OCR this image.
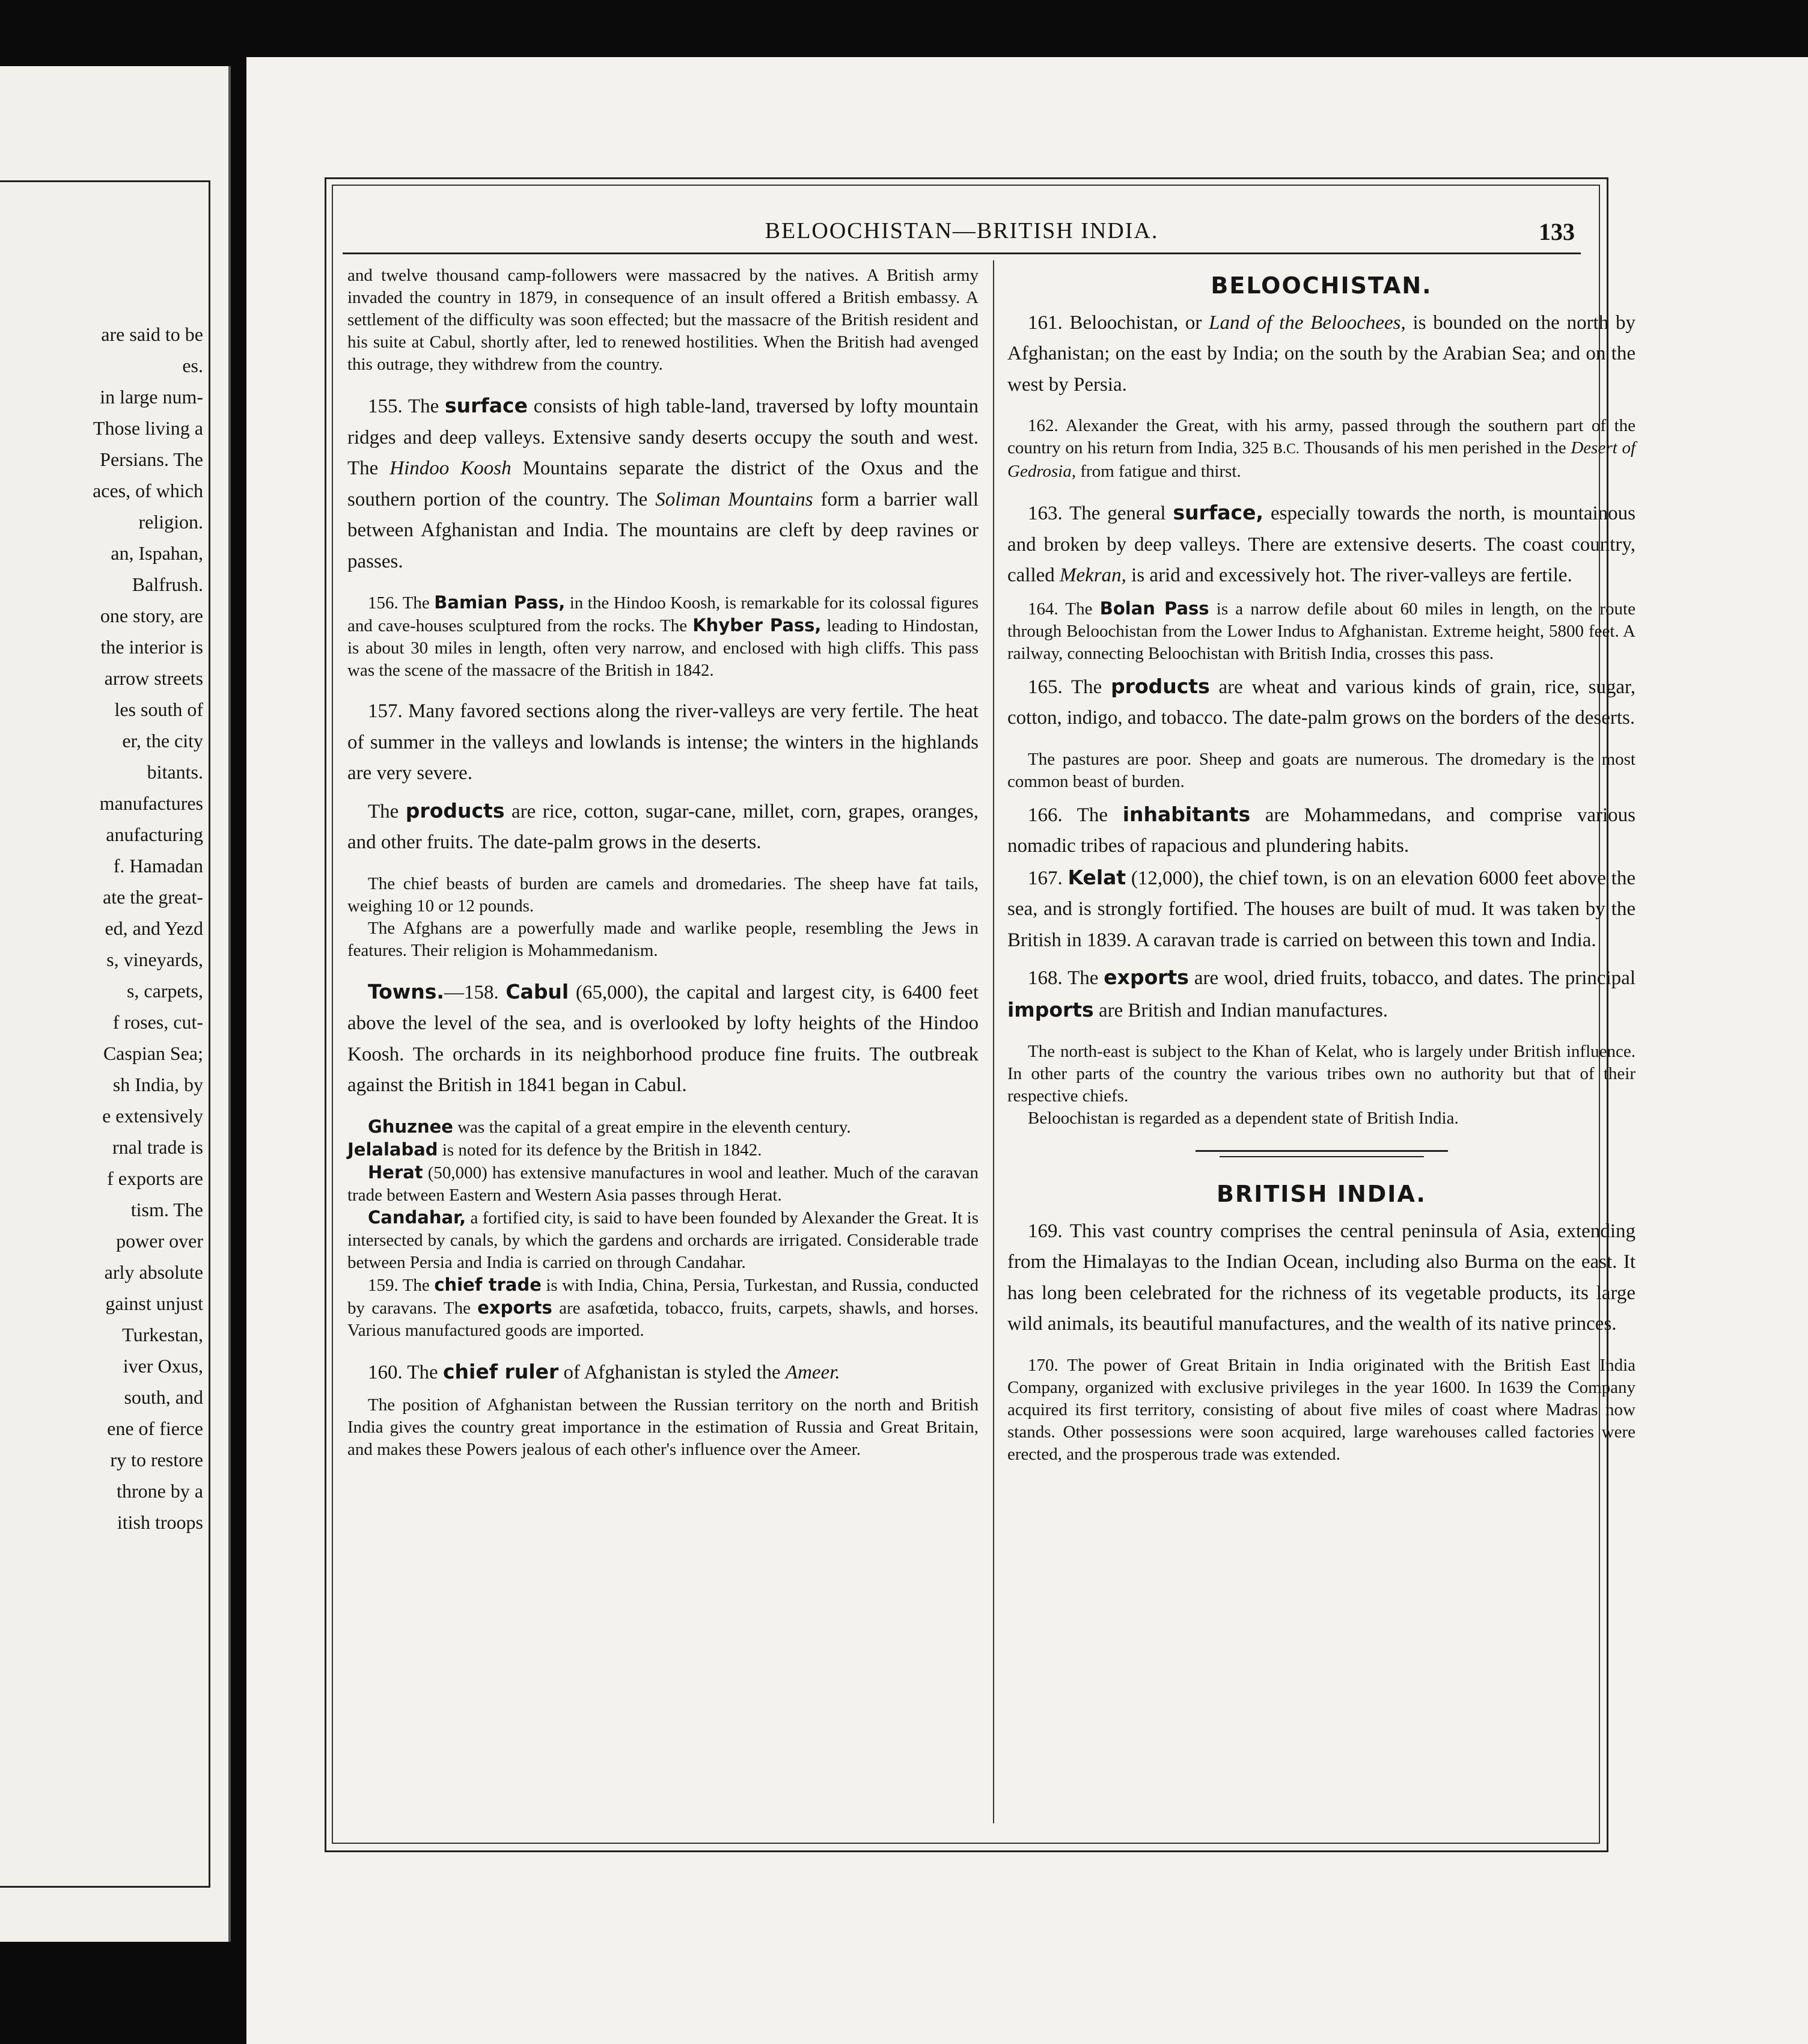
are said to be
es.
in large num-
Those living a
Persians. The
aces, of which
religion.
an, Ispahan,
Balfrush.
one story, are
the interior is
arrow streets
les south of
er, the city
bitants.
manufactures
anufacturing
f. Hamadan
ate the great-
ed, and Yezd
s, vineyards,
s, carpets,
f roses, cut-
Caspian Sea;
sh India, by
e extensively
rnal trade is
f exports are
tism. The
power over
arly absolute
gainst unjust
Turkestan,
iver Oxus,
south, and
ene of fierce
ry to restore
throne by a
itish troops
BELOOCHISTAN—BRITISH INDIA.	133

and twelve thousand camp-followers were massacred by the natives. A British army invaded the country in 1879, in consequence of an insult offered a British embassy. A settlement of the difficulty was soon effected; but the massacre of the British resident and his suite at Cabul, shortly after, led to renewed hostilities. When the British had avenged this outrage, they withdrew from the country.

155. The surface consists of high table-land, traversed by lofty mountain ridges and deep valleys. Extensive sandy deserts occupy the south and west. The Hindoo Koosh Mountains separate the district of the Oxus and the southern portion of the country. The Soliman Mountains form a barrier wall between Afghanistan and India. The mountains are cleft by deep ravines or passes.

156. The Bamian Pass, in the Hindoo Koosh, is remarkable for its colossal figures and cave-houses sculptured from the rocks. The Khyber Pass, leading to Hindostan, is about 30 miles in length, often very narrow, and enclosed with high cliffs. This pass was the scene of the massacre of the British in 1842.

157. Many favored sections along the river-valleys are very fertile. The heat of summer in the valleys and lowlands is intense; the winters in the highlands are very severe.

The products are rice, cotton, sugar-cane, millet, corn, grapes, oranges, and other fruits. The date-palm grows in the deserts.

The chief beasts of burden are camels and dromedaries. The sheep have fat tails, weighing 10 or 12 pounds.

The Afghans are a powerfully made and warlike people, resembling the Jews in features. Their religion is Mohammedanism.

Towns.—158. Cabul (65,000), the capital and largest city, is 6400 feet above the level of the sea, and is overlooked by lofty heights of the Hindoo Koosh. The orchards in its neighborhood produce fine fruits. The outbreak against the British in 1841 began in Cabul.

Ghuznee was the capital of a great empire in the eleventh century.

Jelalabad is noted for its defence by the British in 1842.

Herat (50,000) has extensive manufactures in wool and leather. Much of the caravan trade between Eastern and Western Asia passes through Herat.

Candahar, a fortified city, is said to have been founded by Alexander the Great. It is intersected by canals, by which the gardens and orchards are irrigated. Considerable trade between Persia and India is carried on through Candahar.

159. The chief trade is with India, China, Persia, Turkestan, and Russia, conducted by caravans. The exports are asafœtida, tobacco, fruits, carpets, shawls, and horses. Various manufactured goods are imported.

160. The chief ruler of Afghanistan is styled the Ameer.

The position of Afghanistan between the Russian territory on the north and British India gives the country great importance in the estimation of Russia and Great Britain, and makes these Powers jealous of each other's influence over the Ameer.

BELOOCHISTAN.

161. Beloochistan, or Land of the Beloochees, is bounded on the north by Afghanistan; on the east by India; on the south by the Arabian Sea; and on the west by Persia.

162. Alexander the Great, with his army, passed through the southern part of the country on his return from India, 325 B.C. Thousands of his men perished in the Desert of Gedrosia, from fatigue and thirst.

163. The general surface, especially towards the north, is mountainous and broken by deep valleys. There are extensive deserts. The coast country, called Mekran, is arid and excessively hot. The river-valleys are fertile.

164. The Bolan Pass is a narrow defile about 60 miles in length, on the route through Beloochistan from the Lower Indus to Afghanistan. Extreme height, 5800 feet. A railway, connecting Beloochistan with British India, crosses this pass.

165. The products are wheat and various kinds of grain, rice, sugar, cotton, indigo, and tobacco. The date-palm grows on the borders of the deserts.

The pastures are poor. Sheep and goats are numerous. The dromedary is the most common beast of burden.

166. The inhabitants are Mohammedans, and comprise various nomadic tribes of rapacious and plundering habits.

167. Kelat (12,000), the chief town, is on an elevation 6000 feet above the sea, and is strongly fortified. The houses are built of mud. It was taken by the British in 1839. A caravan trade is carried on between this town and India.

168. The exports are wool, dried fruits, tobacco, and dates. The principal imports are British and Indian manufactures.

The north-east is subject to the Khan of Kelat, who is largely under British influence. In other parts of the country the various tribes own no authority but that of their respective chiefs.

Beloochistan is regarded as a dependent state of British India.

BRITISH INDIA.

169. This vast country comprises the central peninsula of Asia, extending from the Himalayas to the Indian Ocean, including also Burma on the east. It has long been celebrated for the richness of its vegetable products, its large wild animals, its beautiful manufactures, and the wealth of its native princes.

170. The power of Great Britain in India originated with the British East India Company, organized with exclusive privileges in the year 1600. In 1639 the Company acquired its first territory, consisting of about five miles of coast where Madras now stands. Other possessions were soon acquired, large warehouses called factories were erected, and the prosperous trade was extended.
